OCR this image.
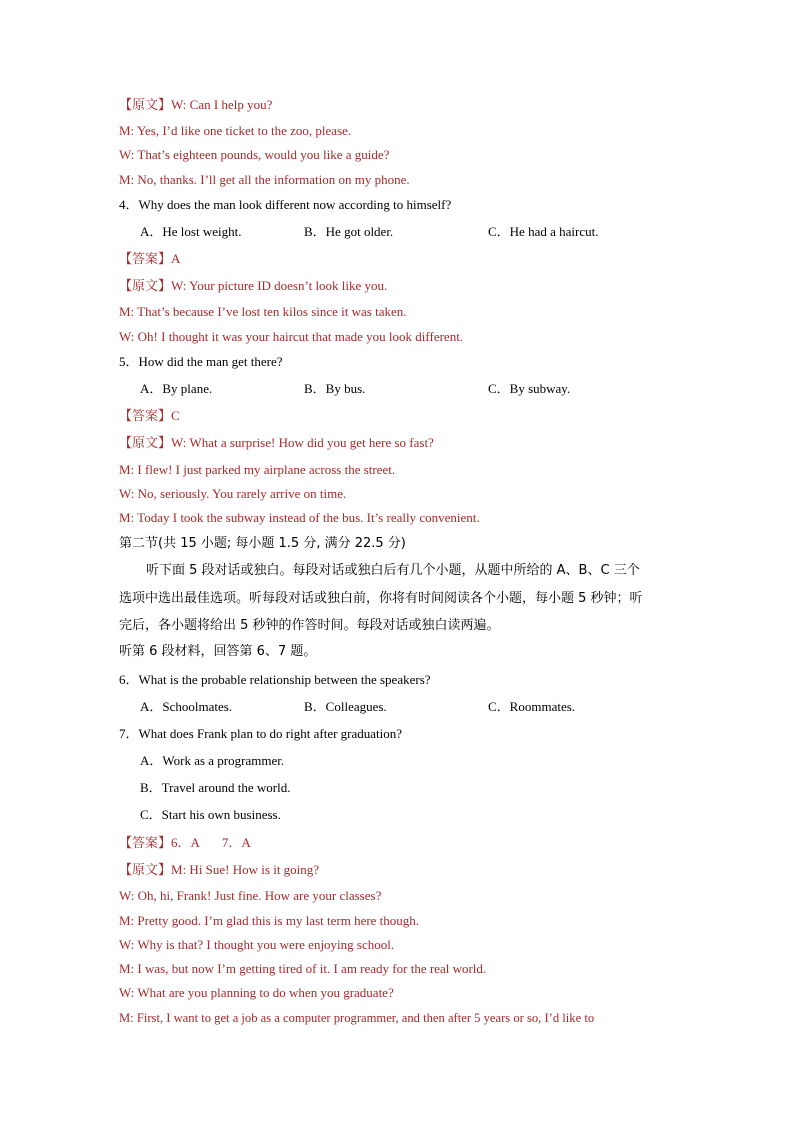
【原文】W: Can I help you?
M: Yes, I’d like one ticket to the zoo, please.
W: That’s eighteen pounds, would you like a guide?
M: No, thanks. I’ll get all the information on my phone.
4．Why does the man look different now according to himself?
A．He lost weight.	B．He got older.	C．He had a haircut.
【答案】A
【原文】W: Your picture ID doesn’t look like you.
M: That’s because I’ve lost ten kilos since it was taken.
W: Oh! I thought it was your haircut that made you look different.
5．How did the man get there?
A．By plane.	B．By bus.	C．By subway.
【答案】C
【原文】W: What a surprise! How did you get here so fast?
M: I flew! I just parked my airplane across the street.
W: No, seriously. You rarely arrive on time.
M: Today I took the subway instead of the bus. It’s really convenient.
第二节(共 15 小题; 每小题 1.5 分, 满分 22.5 分)
听下面 5 段对话或独白。每段对话或独白后有几个小题，从题中所给的 A、B、C 三个
选项中选出最佳选项。听每段对话或独白前，你将有时间阅读各个小题，每小题 5 秒钟；听
完后，各小题将给出 5 秒钟的作答时间。每段对话或独白读两遍。
听第 6 段材料，回答第 6、7 题。
6．What is the probable relationship between the speakers?
A．Schoolmates.	B．Colleagues.	C．Roommates.
7．What does Frank plan to do right after graduation?
A．Work as a programmer.
B．Travel around the world.
C．Start his own business.
【答案】6．A 7．A
【原文】M: Hi Sue! How is it going?
W: Oh, hi, Frank! Just fine. How are your classes?
M: Pretty good. I’m glad this is my last term here though.
W: Why is that? I thought you were enjoying school.
M: I was, but now I’m getting tired of it. I am ready for the real world.
W: What are you planning to do when you graduate?
M: First, I want to get a job as a computer programmer, and then after 5 years or so, I’d like to
